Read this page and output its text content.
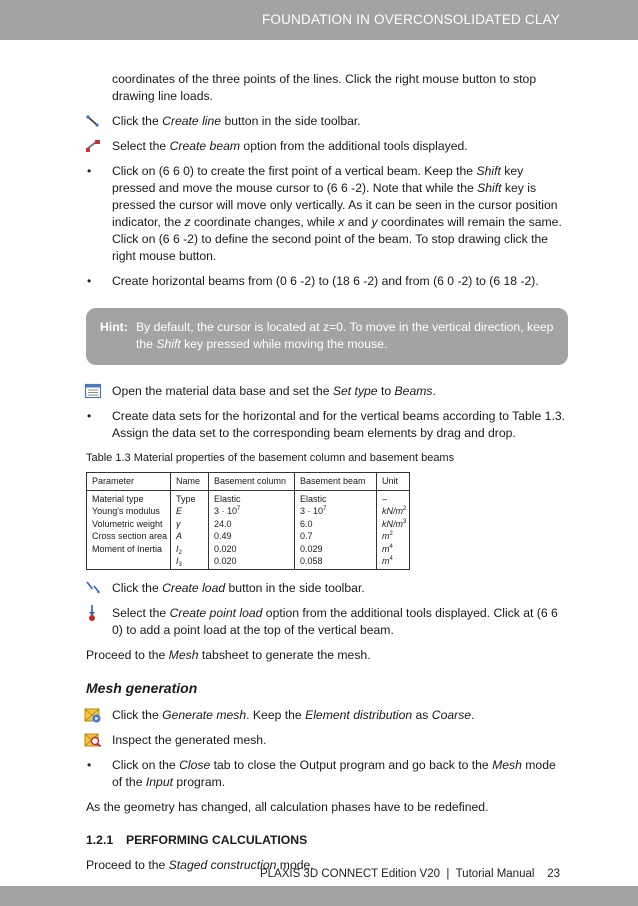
FOUNDATION IN OVERCONSOLIDATED CLAY
coordinates of the three points of the lines. Click the right mouse button to stop drawing line loads.
Click the Create line button in the side toolbar.
Select the Create beam option from the additional tools displayed.
•	Click on (6 6 0) to create the first point of a vertical beam. Keep the Shift key pressed and move the mouse cursor to (6 6 -2). Note that while the Shift key is pressed the cursor will move only vertically. As it can be seen in the cursor position indicator, the z coordinate changes, while x and y coordinates will remain the same. Click on (6 6 -2) to define the second point of the beam. To stop drawing click the right mouse button.
•	Create horizontal beams from (0 6 -2) to (18 6 -2) and from (6 0 -2) to (6 18 -2).
Hint: By default, the cursor is located at z=0. To move in the vertical direction, keep the Shift key pressed while moving the mouse.
Open the material data base and set the Set type to Beams.
•	Create data sets for the horizontal and for the vertical beams according to Table 1.3. Assign the data set to the corresponding beam elements by drag and drop.
Table 1.3 Material properties of the basement column and basement beams
Parameter	Name	Basement column	Basement beam	Unit
Material type	Type	Elastic	Elastic	–
Young's modulus	E	$3 \cdot 10^7$	$3 \cdot 10^7$	$kN/m^2$
Volumetric weight	γ	24.0	6.0	$kN/m^3$
Cross section area	A	0.49	0.7	$m^2$
Moment of Inertia	$I_2$	0.020	0.029	$m^4$
	$I_3$	0.020	0.058	$m^4$
Click the Create load button in the side toolbar.
Select the Create point load option from the additional tools displayed. Click at (6 6 0) to add a point load at the top of the vertical beam.
Proceed to the Mesh tabsheet to generate the mesh.
Mesh generation
Click the Generate mesh. Keep the Element distribution as Coarse.
Inspect the generated mesh.
•	Click on the Close tab to close the Output program and go back to the Mesh mode of the Input program.
As the geometry has changed, all calculation phases have to be redefined.
1.2.1 PERFORMING CALCULATIONS
Proceed to the Staged construction mode.
PLAXIS 3D CONNECT Edition V20 | Tutorial Manual 23
